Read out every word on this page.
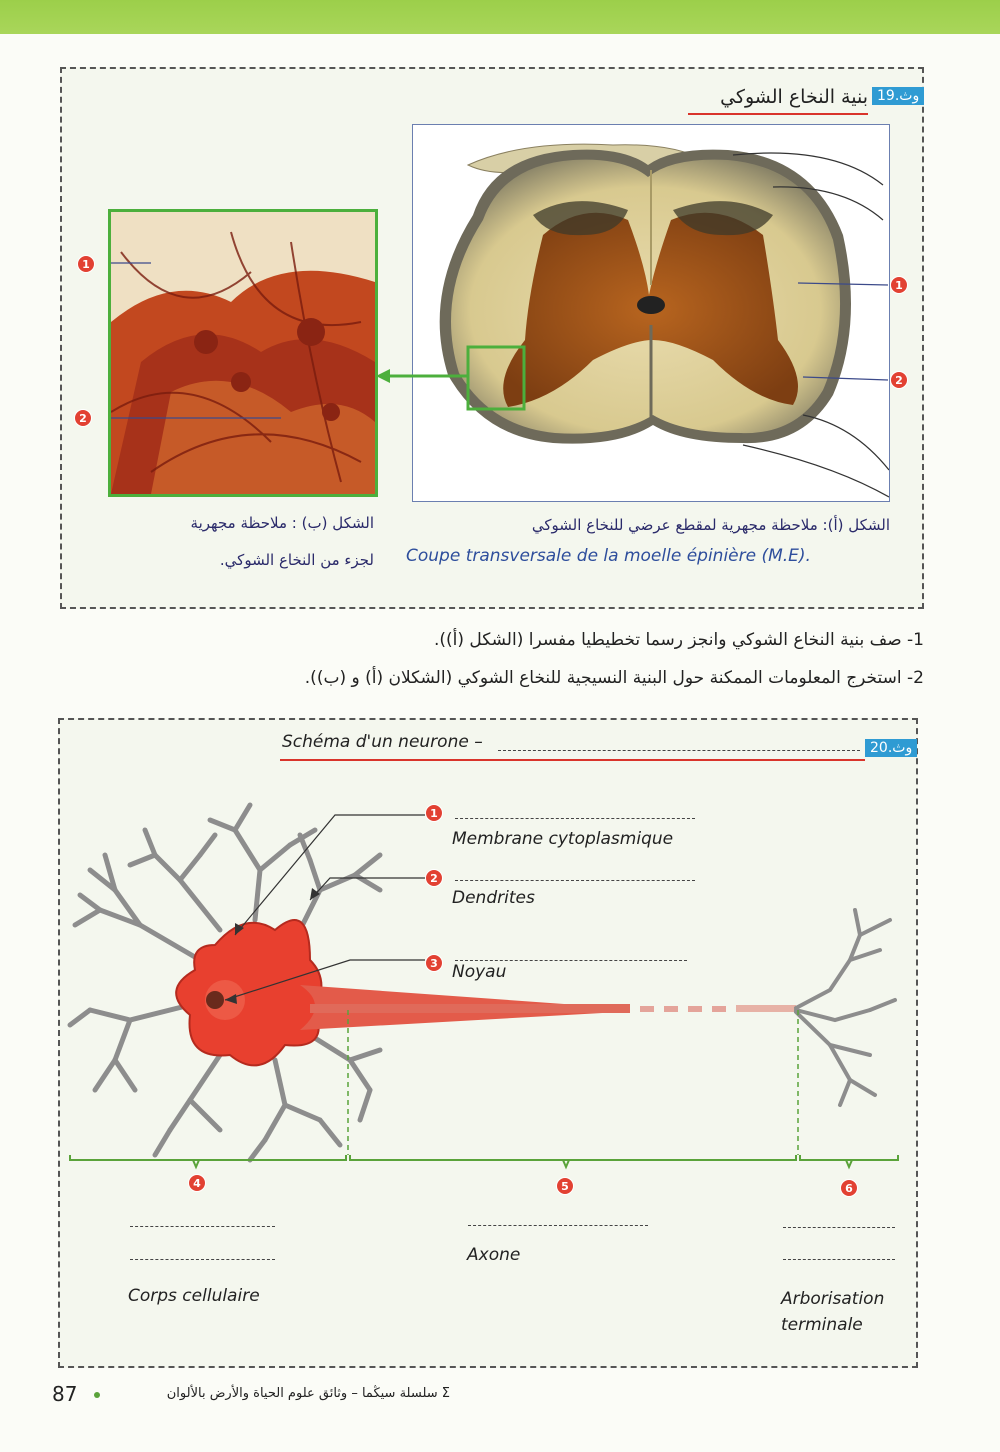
وث.19
بنية النخاع الشوكي
1
2
1
2
الشكل (أ): ملاحظة مجهرية لمقطع عرضي للنخاع الشوكي
Coupe transversale de la moelle épinière (M.E).
الشكل (ب) : ملاحظة مجهرية
لجزء من النخاع الشوكي.
1- صف بنية النخاع الشوكي وانجز رسما تخطيطيا مفسرا (الشكل (أ)).
2- استخرج المعلومات الممكنة حول البنية النسيجية للنخاع الشوكي (الشكلان (أ) و (ب)).
وث.20
Schéma d'un neurone –
1
Membrane cytoplasmique
2
Dendrites
3 Noyau
4	5	6
Corps cellulaire
Axone
Arborisation terminale
87	Σ سلسلة سيڭما – وثائق علوم الحياة والأرض بالألوان
